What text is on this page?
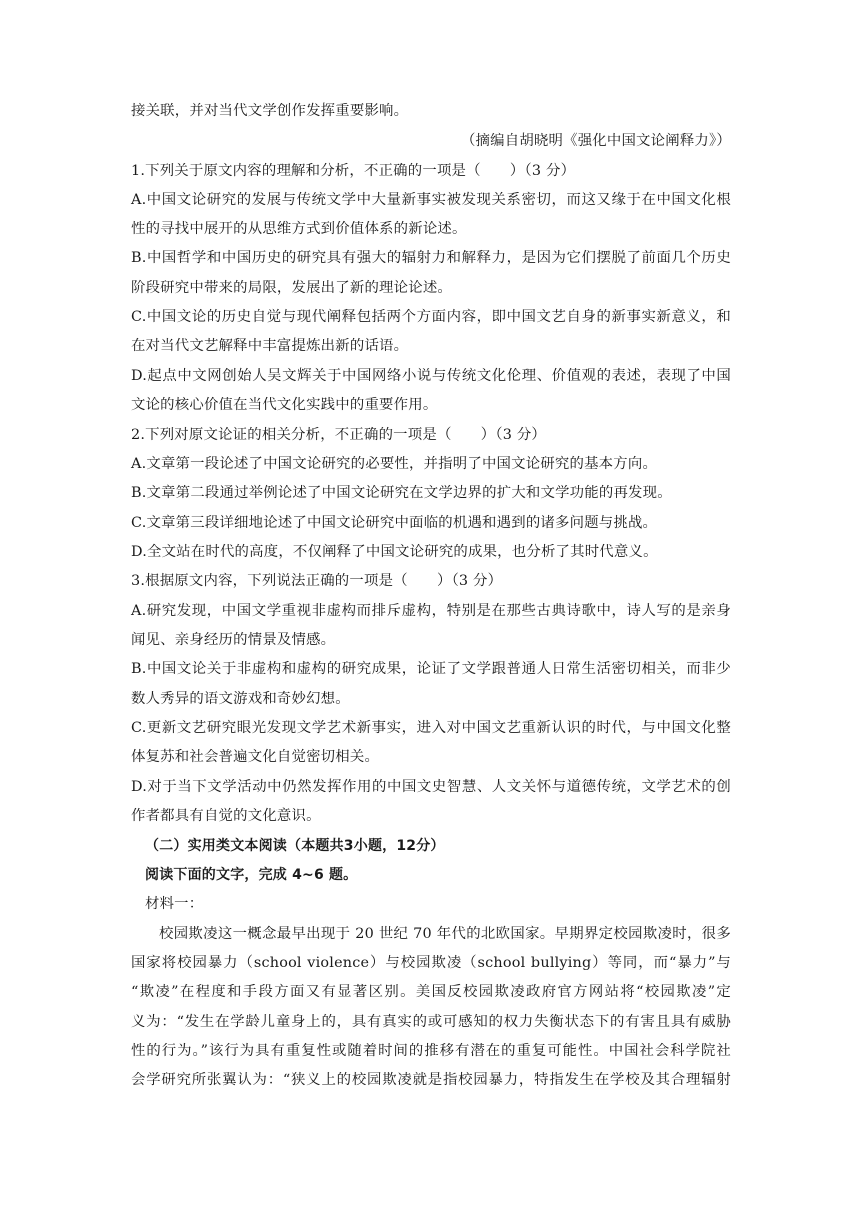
接关联，并对当代文学创作发挥重要影响。
（摘编自胡晓明《强化中国文论阐释力》）
1.下列关于原文内容的理解和分析，不正确的一项是（　　）（3 分）
A.中国文论研究的发展与传统文学中大量新事实被发现关系密切，而这又缘于在中国文化根
性的寻找中展开的从思维方式到价值体系的新论述。
B.中国哲学和中国历史的研究具有强大的辐射力和解释力，是因为它们摆脱了前面几个历史
阶段研究中带来的局限，发展出了新的理论论述。
C.中国文论的历史自觉与现代阐释包括两个方面内容，即中国文艺自身的新事实新意义，和
在对当代文艺解释中丰富提炼出新的话语。
D.起点中文网创始人吴文辉关于中国网络小说与传统文化伦理、价值观的表述，表现了中国
文论的核心价值在当代文化实践中的重要作用。
2.下列对原文论证的相关分析，不正确的一项是（　　）（3 分）
A.文章第一段论述了中国文论研究的必要性，并指明了中国文论研究的基本方向。
B.文章第二段通过举例论述了中国文论研究在文学边界的扩大和文学功能的再发现。
C.文章第三段详细地论述了中国文论研究中面临的机遇和遇到的诸多问题与挑战。
D.全文站在时代的高度，不仅阐释了中国文论研究的成果，也分析了其时代意义。
3.根据原文内容，下列说法正确的一项是（　　）（3 分）
A.研究发现，中国文学重视非虚构而排斥虚构，特别是在那些古典诗歌中，诗人写的是亲身
闻见、亲身经历的情景及情感。
B.中国文论关于非虚构和虚构的研究成果，论证了文学跟普通人日常生活密切相关，而非少
数人秀异的语文游戏和奇妙幻想。
C.更新文艺研究眼光发现文学艺术新事实，进入对中国文艺重新认识的时代，与中国文化整
体复苏和社会普遍文化自觉密切相关。
D.对于当下文学活动中仍然发挥作用的中国文史智慧、人文关怀与道德传统，文学艺术的创
作者都具有自觉的文化意识。
（二）实用类文本阅读（本题共3小题，12分）
阅读下面的文字，完成 4~6 题。
材料一：
校园欺凌这一概念最早出现于 20 世纪 70 年代的北欧国家。早期界定校园欺凌时，很多
国家将校园暴力（school violence）与校园欺凌（school bullying）等同，而“暴力”与
“欺凌”在程度和手段方面又有显著区别。美国反校园欺凌政府官方网站将“校园欺凌”定
义为：“发生在学龄儿童身上的，具有真实的或可感知的权力失衡状态下的有害且具有威胁
性的行为。”该行为具有重复性或随着时间的推移有潜在的重复可能性。中国社会科学院社
会学研究所张翼认为：“狭义上的校园欺凌就是指校园暴力，特指发生在学校及其合理辐射
